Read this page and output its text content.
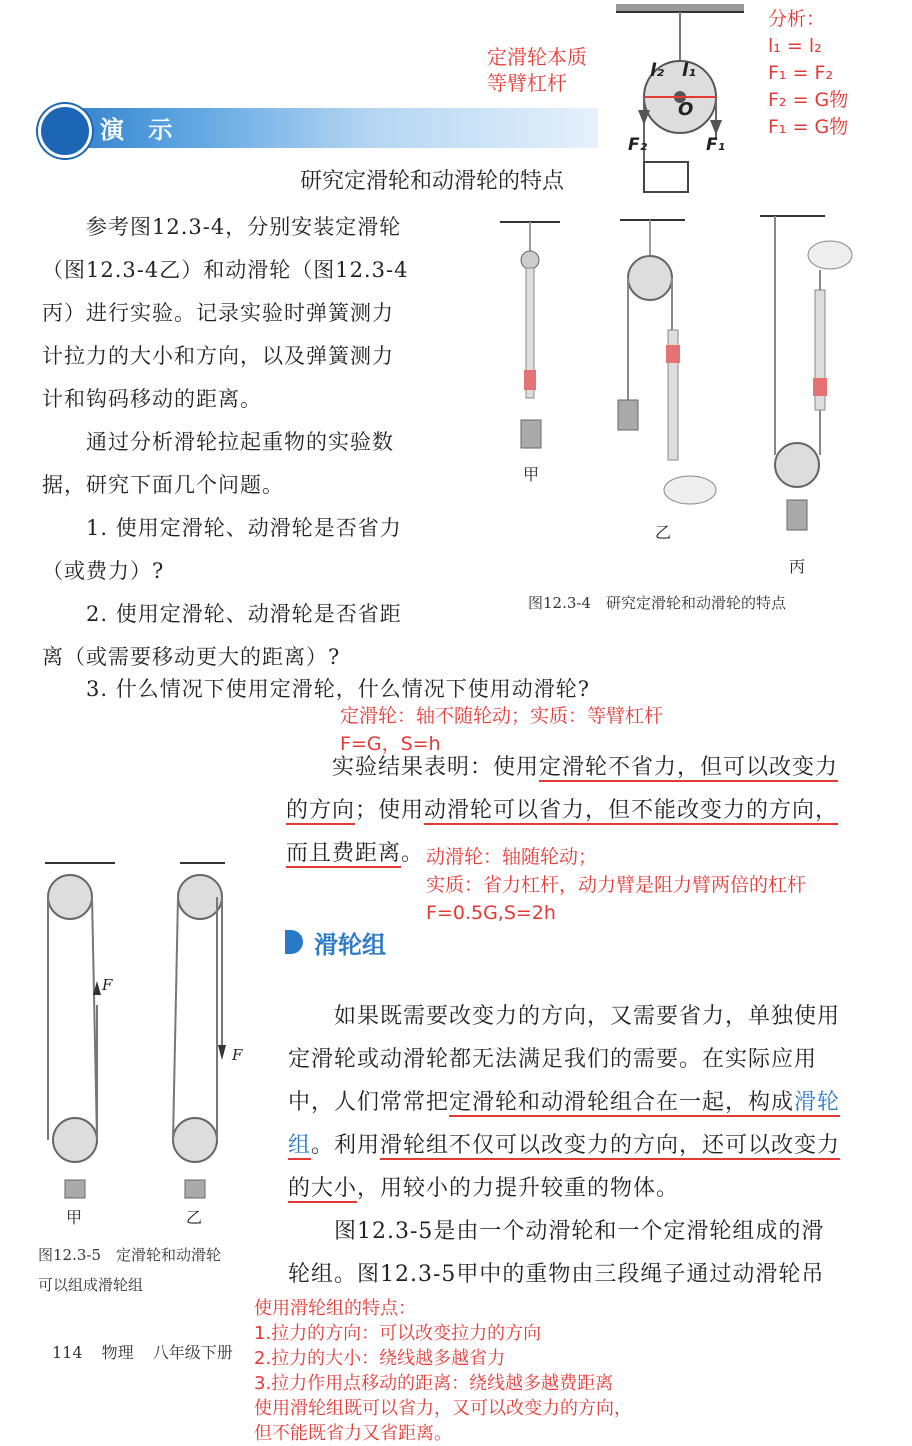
定滑轮本质
等臂杠杆
l₂ l₁
O
F₂	F₁
分析：
l₁ = l₂
F₁ = F₂
F₂ = G物
F₁ = G物
演 示
研究定滑轮和动滑轮的特点
参考图12.3-4，分别安装定滑轮
（图12.3-4乙）和动滑轮（图12.3-4
丙）进行实验。记录实验时弹簧测力
计拉力的大小和方向，以及弹簧测力
计和钩码移动的距离。
通过分析滑轮拉起重物的实验数
据，研究下面几个问题。
1. 使用定滑轮、动滑轮是否省力
（或费力）?
2. 使用定滑轮、动滑轮是否省距
离（或需要移动更大的距离）?
3. 什么情况下使用定滑轮，什么情况下使用动滑轮?
甲
乙
丙
图12.3-4　研究定滑轮和动滑轮的特点
定滑轮：轴不随轮动；实质：等臂杠杆
F=G，S=h
实验结果表明：使用定滑轮不省力，但可以改变力
的方向；使用动滑轮可以省力，但不能改变力的方向，
而且费距离。 动滑轮：轴随轮动；
实质：省力杠杆，动力臂是阻力臂两倍的杠杆
F=0.5G,S=2h
F
F
甲	乙
图12.3-5　定滑轮和动滑轮
可以组成滑轮组
滑轮组
如果既需要改变力的方向，又需要省力，单独使用
定滑轮或动滑轮都无法满足我们的需要。在实际应用
中，人们常常把定滑轮和动滑轮组合在一起，构成滑轮
组。利用滑轮组不仅可以改变力的方向，还可以改变力
的大小，用较小的力提升较重的物体。
图12.3-5是由一个动滑轮和一个定滑轮组成的滑
轮组。图12.3-5甲中的重物由三段绳子通过动滑轮吊
使用滑轮组的特点：
1.拉力的方向：可以改变拉力的方向
2.拉力的大小：绕线越多越省力
3.拉力作用点移动的距离：绕线越多越费距离
使用滑轮组既可以省力，又可以改变力的方向，
但不能既省力又省距离。
114 物理 八年级下册
